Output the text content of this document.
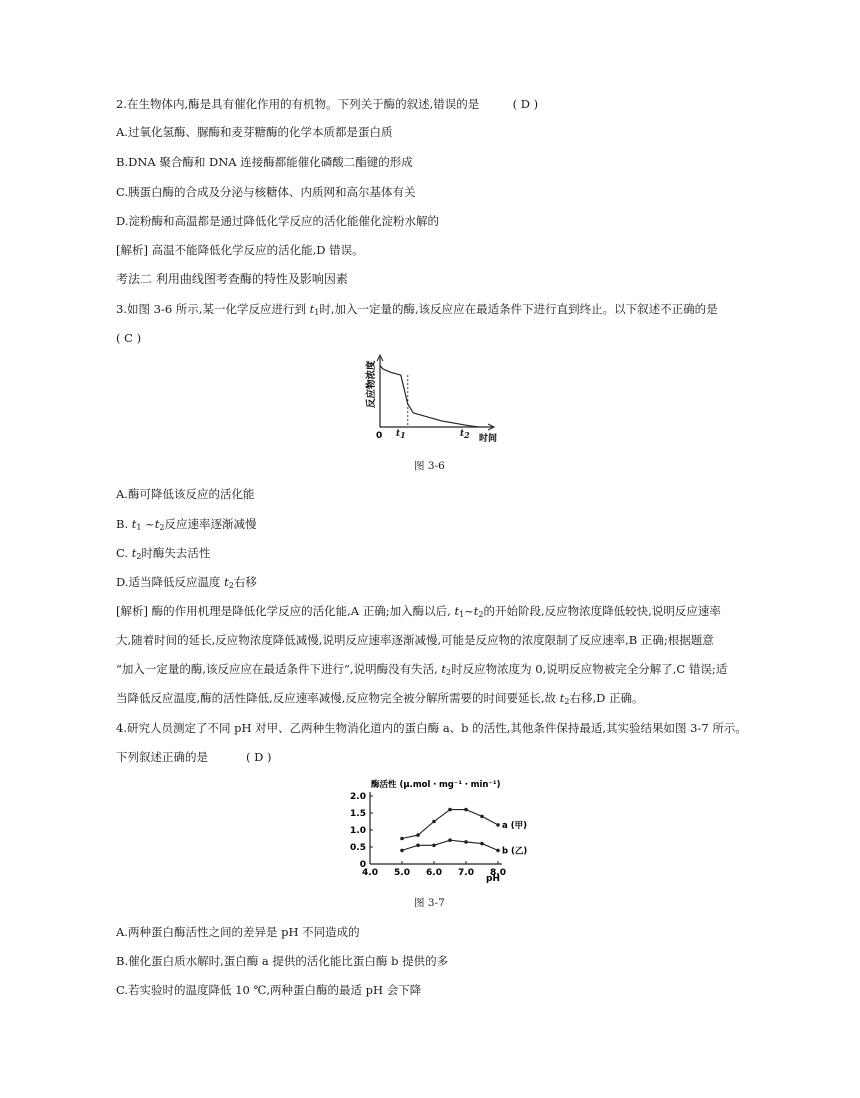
2.在生物体内,酶是具有催化作用的有机物。下列关于酶的叙述,错误的是	( D )
A.过氧化氢酶、脲酶和麦芽糖酶的化学本质都是蛋白质
B.DNA 聚合酶和 DNA 连接酶都能催化磷酸二酯键的形成
C.胰蛋白酶的合成及分泌与核糖体、内质网和高尔基体有关
D.淀粉酶和高温都是通过降低化学反应的活化能催化淀粉水解的
[解析] 高温不能降低化学反应的活化能,D 错误。
考法二 利用曲线图考查酶的特性及影响因素
3.如图 3-6 所示,某一化学反应进行到 $t_1$时,加入一定量的酶,该反应应在最适条件下进行直到终止。以下叙述不正确的是
( C )
反应物浓度
0	时间
t1	t2
图 3-6
A.酶可降低该反应的活化能
B. $t_1$ $\sim t_2$反应速率逐渐减慢
C. $t_2$时酶失去活性
D.适当降低反应温度 $t_2$右移
[解析] 酶的作用机理是降低化学反应的活化能,A 正确;加入酶以后, $t_1\sim t_2$的开始阶段,反应物浓度降低较快,说明反应速率
大,随着时间的延长,反应物浓度降低减慢,说明反应速率逐渐减慢,可能是反应物的浓度限制了反应速率,B 正确;根据题意
“加入一定量的酶,该反应应在最适条件下进行”,说明酶没有失活, $t_2$时反应物浓度为 0,说明反应物被完全分解了,C 错误;适
当降低反应温度,酶的活性降低,反应速率减慢,反应物完全被分解所需要的时间要延长,故 $t_2$右移,D 正确。
4.研究人员测定了不同 pH 对甲、乙两种生物消化道内的蛋白酶 a、b 的活性,其他条件保持最适,其实验结果如图 3-7 所示。
下列叙述正确的是	( D )
酶活性 (μ.mol・mg⁻¹・min⁻¹)
0
0.5
1.0
1.5
2.0
4.0 5.0 6.0 7.0 8.0
a (甲)
b (乙)
pH
图 3-7
A.两种蛋白酶活性之间的差异是 pH 不同造成的
B.催化蛋白质水解时,蛋白酶 a 提供的活化能比蛋白酶 b 提供的多
C.若实验时的温度降低 10 ℃,两种蛋白酶的最适 pH 会下降
